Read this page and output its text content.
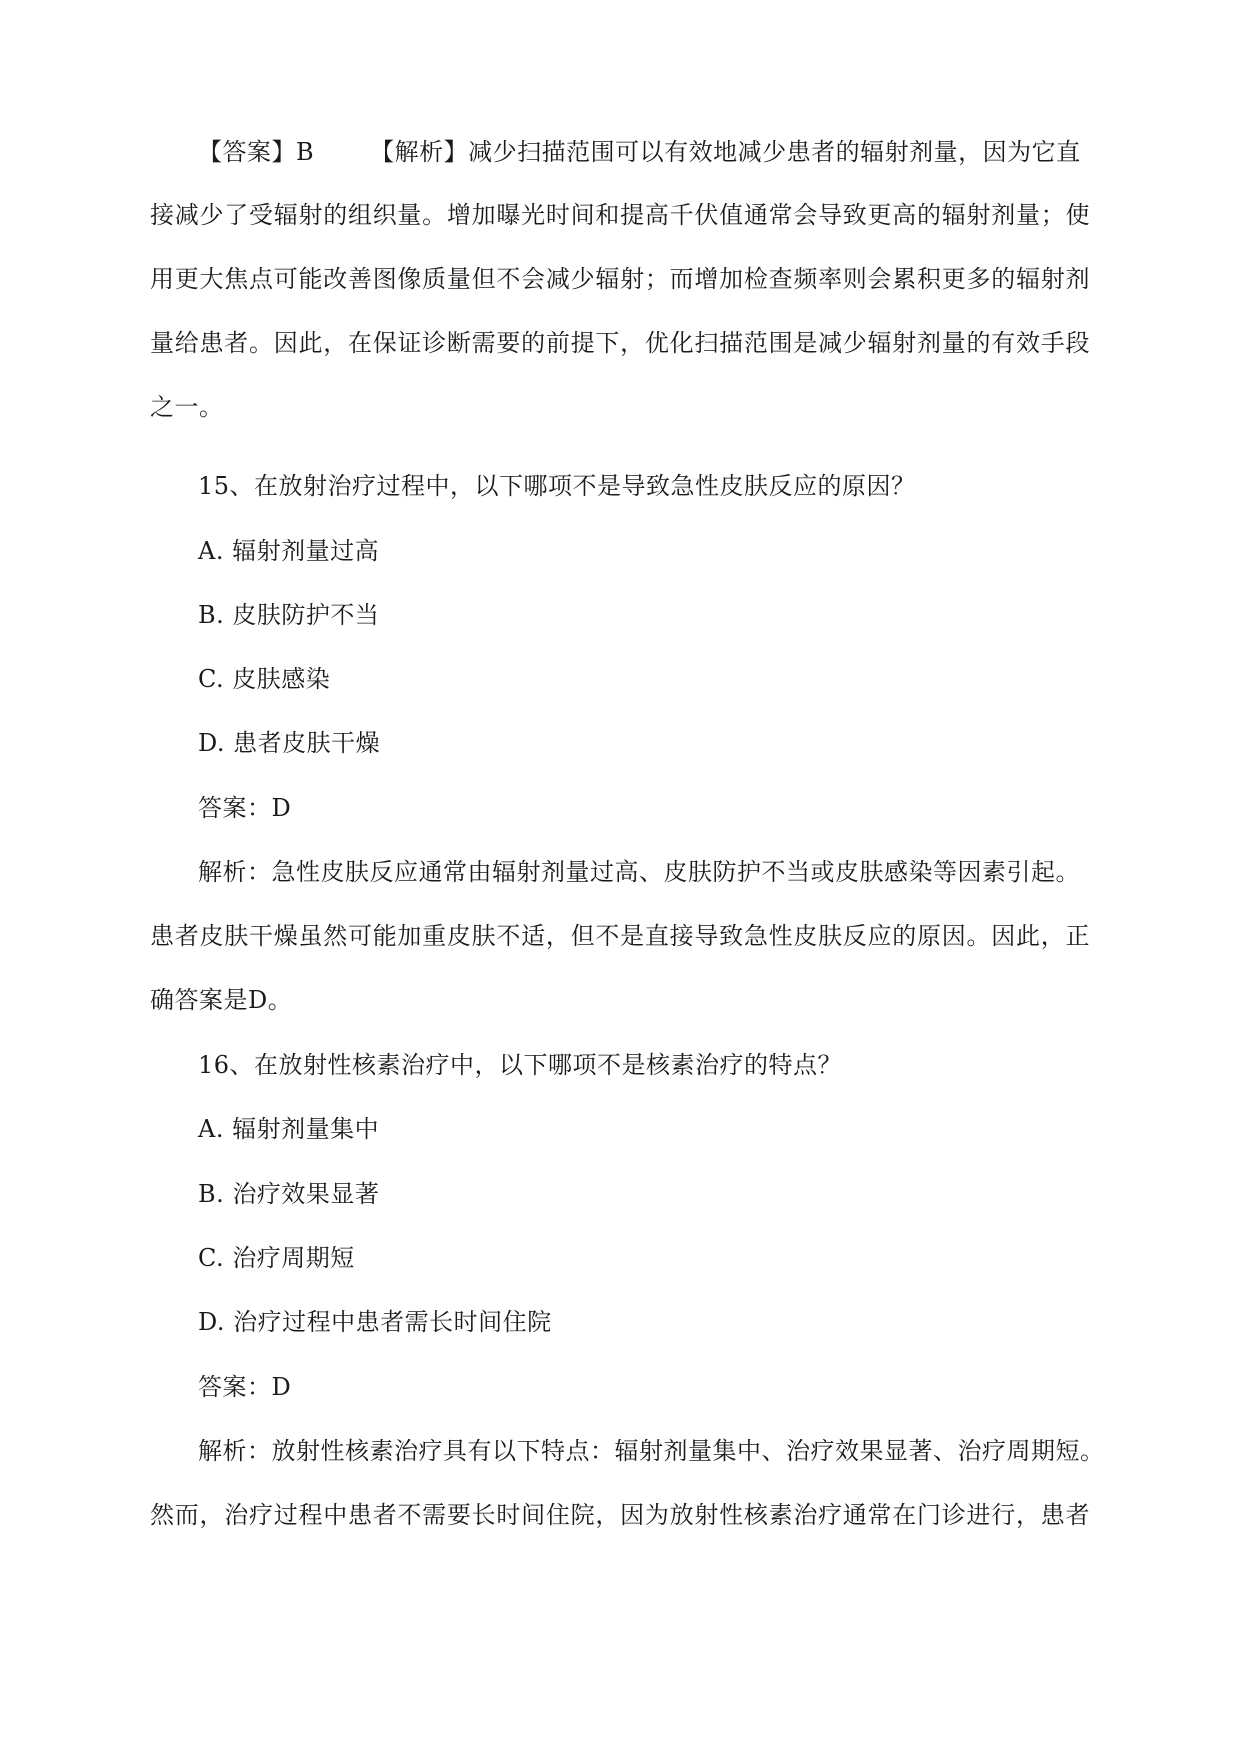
【答案】B 【解析】减少扫描范围可以有效地减少患者的辐射剂量，因为它直
接减少了受辐射的组织量。增加曝光时间和提高千伏值通常会导致更高的辐射剂量；使
用更大焦点可能改善图像质量但不会减少辐射；而增加检查频率则会累积更多的辐射剂
量给患者。因此，在保证诊断需要的前提下，优化扫描范围是减少辐射剂量的有效手段
之一。
15、在放射治疗过程中，以下哪项不是导致急性皮肤反应的原因？
A. 辐射剂量过高
B. 皮肤防护不当
C. 皮肤感染
D. 患者皮肤干燥
答案：D
解析：急性皮肤反应通常由辐射剂量过高、皮肤防护不当或皮肤感染等因素引起。
患者皮肤干燥虽然可能加重皮肤不适，但不是直接导致急性皮肤反应的原因。因此，正
确答案是D。
16、在放射性核素治疗中，以下哪项不是核素治疗的特点？
A. 辐射剂量集中
B. 治疗效果显著
C. 治疗周期短
D. 治疗过程中患者需长时间住院
答案：D
解析：放射性核素治疗具有以下特点：辐射剂量集中、治疗效果显著、治疗周期短。
然而，治疗过程中患者不需要长时间住院，因为放射性核素治疗通常在门诊进行，患者
